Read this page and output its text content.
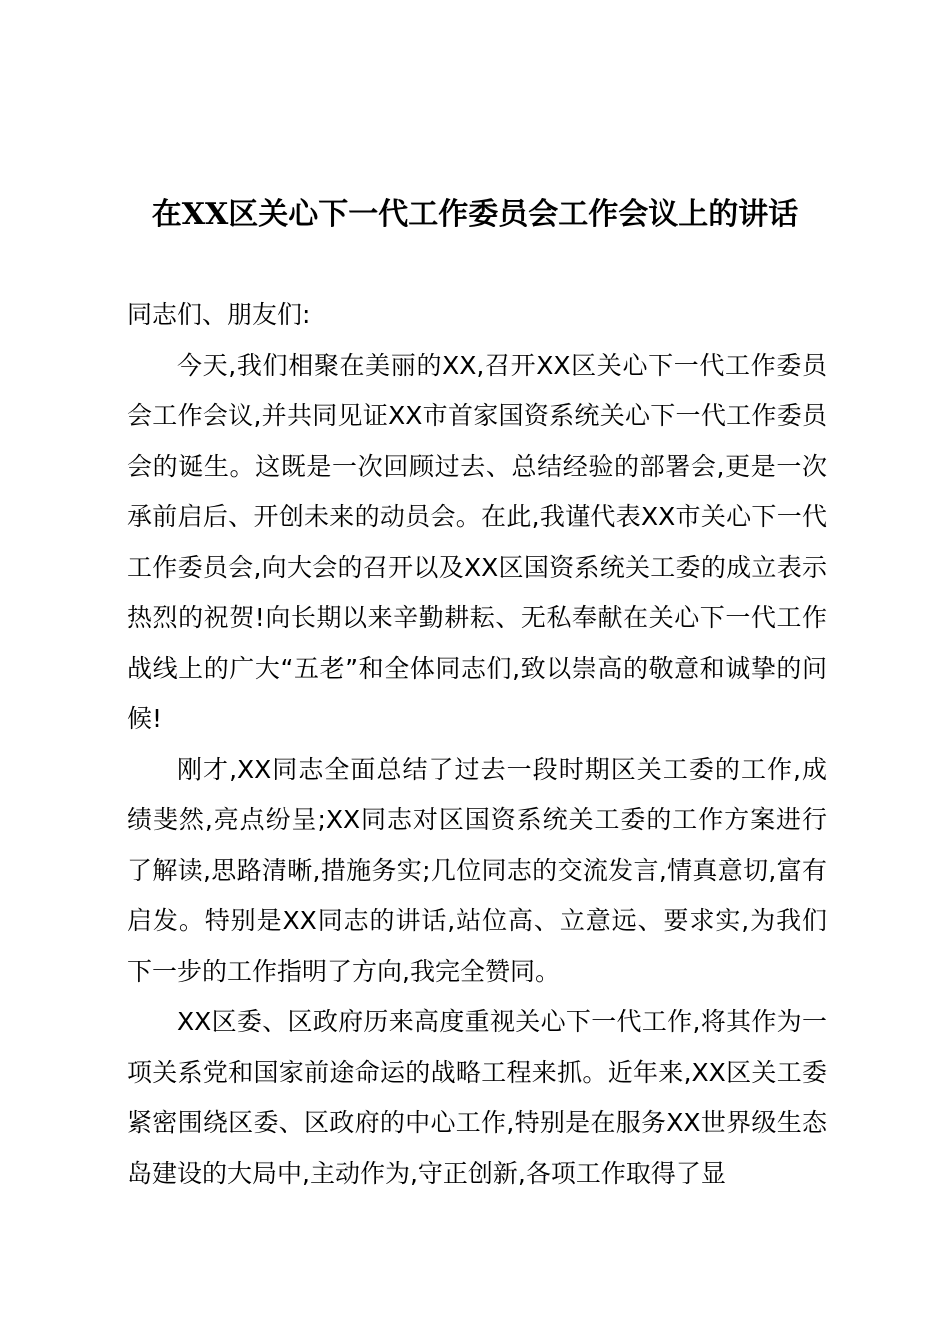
在XX区关心下一代工作委员会工作会议上的讲话

同志们、朋友们:

今天,我们相聚在美丽的XX,召开XX区关心下一代工作委员会工作会议,并共同见证XX市首家国资系统关心下一代工作委员会的诞生。这既是一次回顾过去、总结经验的部署会,更是一次承前启后、开创未来的动员会。在此,我谨代表XX市关心下一代工作委员会,向大会的召开以及XX区国资系统关工委的成立表示热烈的祝贺!向长期以来辛勤耕耘、无私奉献在关心下一代工作战线上的广大“五老”和全体同志们,致以崇高的敬意和诚挚的问候!

刚才,XX同志全面总结了过去一段时期区关工委的工作,成绩斐然,亮点纷呈;XX同志对区国资系统关工委的工作方案进行了解读,思路清晰,措施务实;几位同志的交流发言,情真意切,富有启发。特别是XX同志的讲话,站位高、立意远、要求实,为我们下一步的工作指明了方向,我完全赞同。

XX区委、区政府历来高度重视关心下一代工作,将其作为一项关系党和国家前途命运的战略工程来抓。近年来,XX区关工委紧密围绕区委、区政府的中心工作,特别是在服务XX世界级生态岛建设的大局中,主动作为,守正创新,各项工作取得了显
